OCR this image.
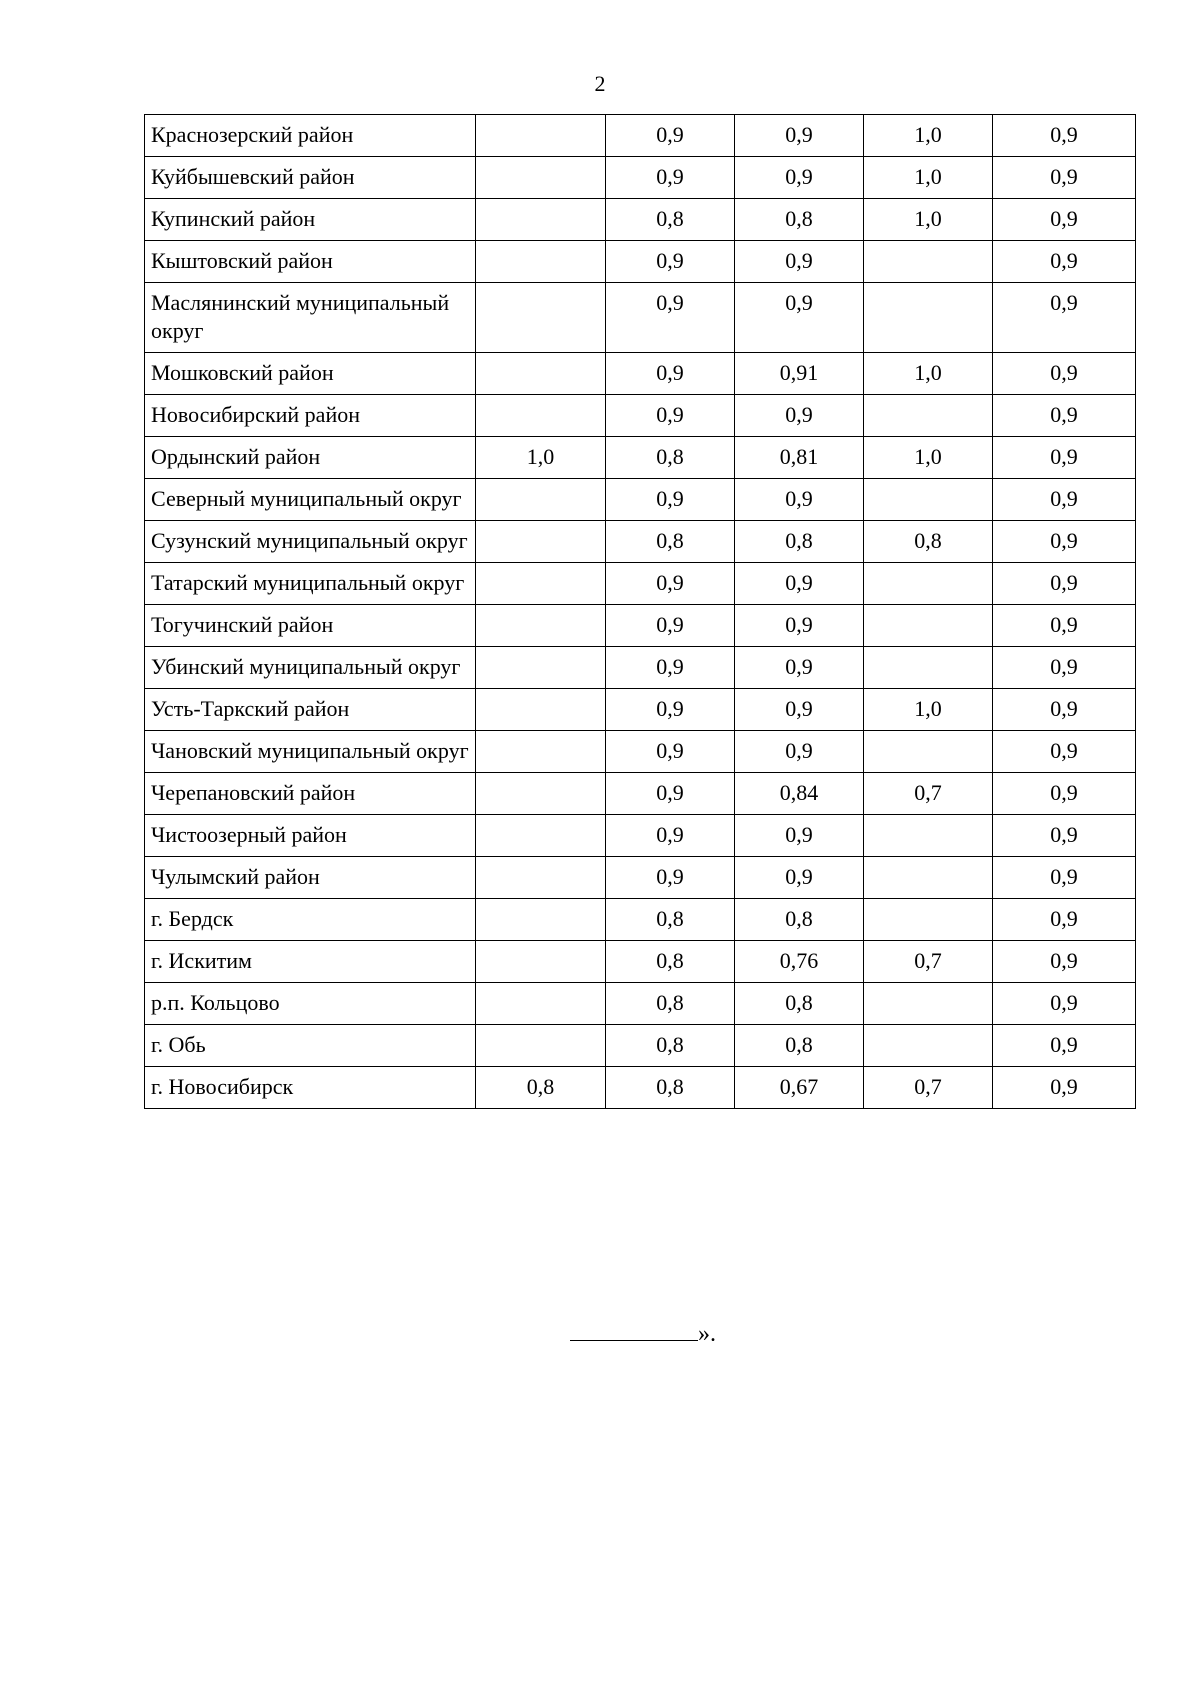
2
Краснозерский район		0,9	0,9	1,0	0,9
Куйбышевский район		0,9	0,9	1,0	0,9
Купинский район		0,8	0,8	1,0	0,9
Кыштовский район		0,9	0,9		0,9
Маслянинский муниципальный округ		0,9	0,9		0,9
Мошковский район		0,9	0,91	1,0	0,9
Новосибирский район		0,9	0,9		0,9
Ордынский район	1,0	0,8	0,81	1,0	0,9
Северный муниципальный округ		0,9	0,9		0,9
Сузунский муниципальный округ		0,8	0,8	0,8	0,9
Татарский муниципальный округ		0,9	0,9		0,9
Тогучинский район		0,9	0,9		0,9
Убинский муниципальный округ		0,9	0,9		0,9
Усть-Таркский район		0,9	0,9	1,0	0,9
Чановский муниципальный округ		0,9	0,9		0,9
Черепановский район		0,9	0,84	0,7	0,9
Чистоозерный район		0,9	0,9		0,9
Чулымский район		0,9	0,9		0,9
г. Бердск		0,8	0,8		0,9
г. Искитим		0,8	0,76	0,7	0,9
р.п. Кольцово		0,8	0,8		0,9
г. Обь		0,8	0,8		0,9
г. Новосибирск	0,8	0,8	0,67	0,7	0,9
».
